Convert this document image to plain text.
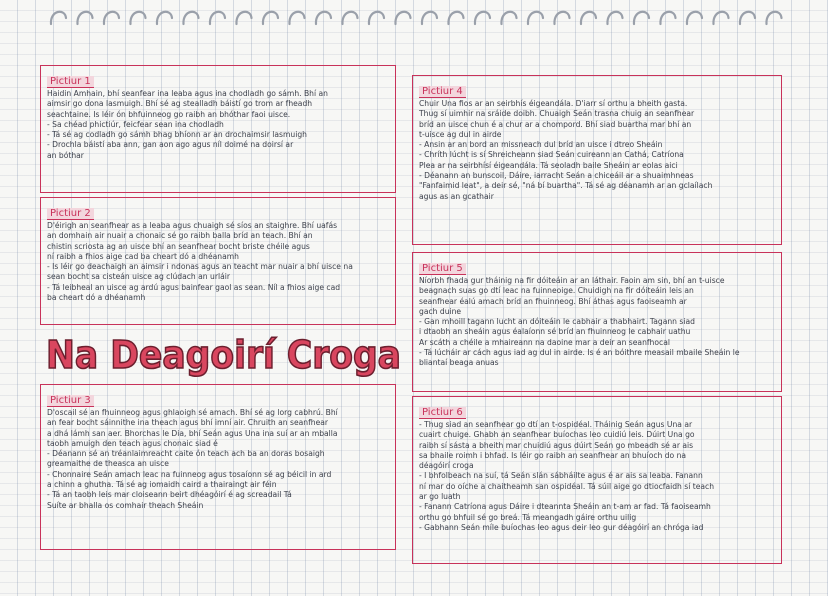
Pictiur 1
Haidin Amhain, bhí seanfear ina leaba agus ina chodladh go sámh. Bhí an
aimsir go dona lasmuigh. Bhí sé ag stealladh báistí go trom ar fheadh
seachtaine. Is léir ón bhfuinneog go raibh an bhóthar faoi uisce.
- Sa chéad phictiúr, feicfear sean ina chodladh
- Tá sé ag codladh go sámh bhag bhíonn ar an drochaimsir lasmuigh
- Drochla báistí aba ann, gan aon ago agus níl doimé na doirsí ar
an bóthar
Pictiur 2
D'éirigh an seanfhear as a leaba agus chuaigh sé síos an staighre. Bhí uafás
an domhain air nuair a chonaic sé go raibh balla bríd an teach. Bhí an
chistin scriosta ag an uisce bhí an seanfhear bocht briste chéile agus
ní raibh a fhios aige cad ba cheart dó a dhéanamh
- Is léir go deachaigh an aimsir i ndonas agus an teacht mar nuair a bhí uisce na
sean bocht sa cisteán uisce ag clúdach an urláir
- Tá leibheal an uisce ag ardú agus bainfear gaol as sean. Níl a fhios aige cad
ba cheart dó a dhéanamh
Na Deagoirí Croga
Pictiur 3
D'oscail sé an fhuinneog agus ghlaoigh sé amach. Bhí sé ag lorg cabhrú. Bhí
an fear bocht sáinnithe ina theach agus bhí imní air. Chruith an seanfhear
a dhá lámh san aer. Bhorchas le Dia, bhí Seán agus Una ina suí ar an mballa
taobh amuigh den teach agus chonaic siad é
- Déanann sé an tréanlaimreacht caite ón teach ach ba an doras bosaigh
greamaithe de theasca an uisce
- Chonnaire Seán amach leac na fuinneog agus tosaíonn sé ag béicil in ard
a chinn a ghutha. Tá sé ag iomaidh caird a thairaingt air féin
- Tá an taobh leis mar cloiseann beirt dhéagóirí é ag screadail Tá
Suíte ar bhalla os comhair theach Sheáin
Pictiur 4
Chuir Una fios ar an seirbhís éigeandála. D'iarr sí orthu a bheith gasta.
Thug sí uimhir na sráide doibh. Chuaigh Seán trasna chuig an seanfhear
bríd an uisce chun é a chur ar a chompord. Bhí siad buartha mar bhí an
t-uisce ag dul in airde
- Ansin ar an bord an missneach dul bríd an uisce i dtreo Sheáin
- Chríth lúcht is sí Shreicheann siad Seán cuireann an Cathá, Catríona
Plea ar na seirbhísí éigeandála. Tá seoladh baile Sheáin ar eolas aici
- Déanann an bunscoil, Dáire, iarracht Seán a chiceáil ar a shuaimhneas
"Fanfaimid leat", a deir sé, "ná bí buartha". Tá sé ag déanamh ar an gclaílach
agus as an gcathair
Pictiur 5
Níorbh fhada gur tháinig na fir dóiteáin ar an láthair. Faoin am sin, bhí an t-uisce
beagnach suas go dtí leac na fuinneoige. Chuidigh na fir dóiteáin leis an
seanfhear éalú amach bríd an fhuinneog. Bhí áthas agus faoiseamh ar
gach duine
- Gan mhoill tagann lucht an dóiteáin le cabhair a thabhairt. Tagann siad
i dtaobh an sheáin agus éalaíonn sé bríd an fhuinneog le cabhair uathu
Ar scáth a chéile a mhaireann na daoine mar a deir an seanfhocal
- Tá lúcháir ar cách agus iad ag dul in airde. Is é an bóithre measail mbaile Sheáin le
bliantaí beaga anuas
Pictiur 6
- Thug siad an seanfhear go dtí an t-ospidéal. Tháinig Seán agus Una ar
cuairt chuige. Ghabh an seanfhear buíochas leo cuidiú leis. Dúirt Una go
raibh sí sásta a bheith mar chuidiú agus dúirt Seán go mbeadh sé ar ais
sa bhaile roimh i bhfad. Is léir go raibh an seanfhear an bhuíoch do na
déagóirí croga
- I bhfolbeach na suí, tá Seán slán sábháilte agus é ar ais sa leaba. Fanann
ní mar do oíche a chaitheamh san ospidéal. Tá súil aige go dtiocfaidh sí teach
ar go luath
- Fanann Catríona agus Dáire i dteannta Sheáin an t-am ar fad. Tá faoiseamh
orthu go bhfuil sé go breá. Tá meangadh gáire orthu uilig
- Gabhann Seán míle buíochas leo agus deir leo gur déagóirí an chróga iad
